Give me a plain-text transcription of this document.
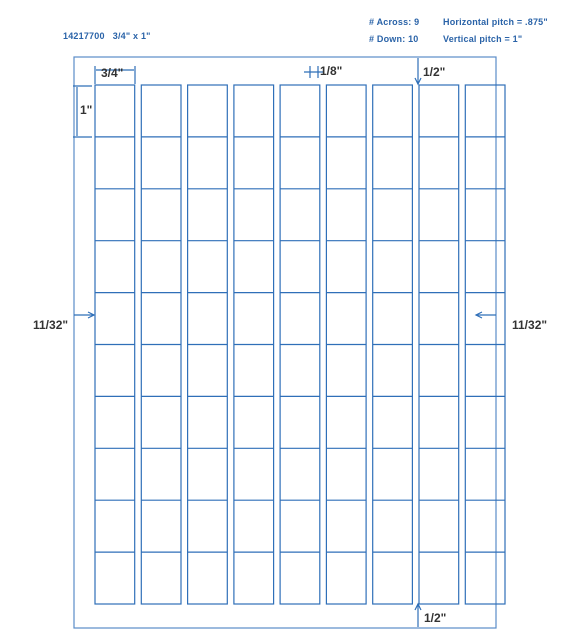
14217700 3/4" x 1"
# Across: 9
# Down: 10
Horizontal pitch = .875"
Vertical pitch = 1"
3/4"
1"
1/8"	1/2"
1/2"
11/32"	11/32"
